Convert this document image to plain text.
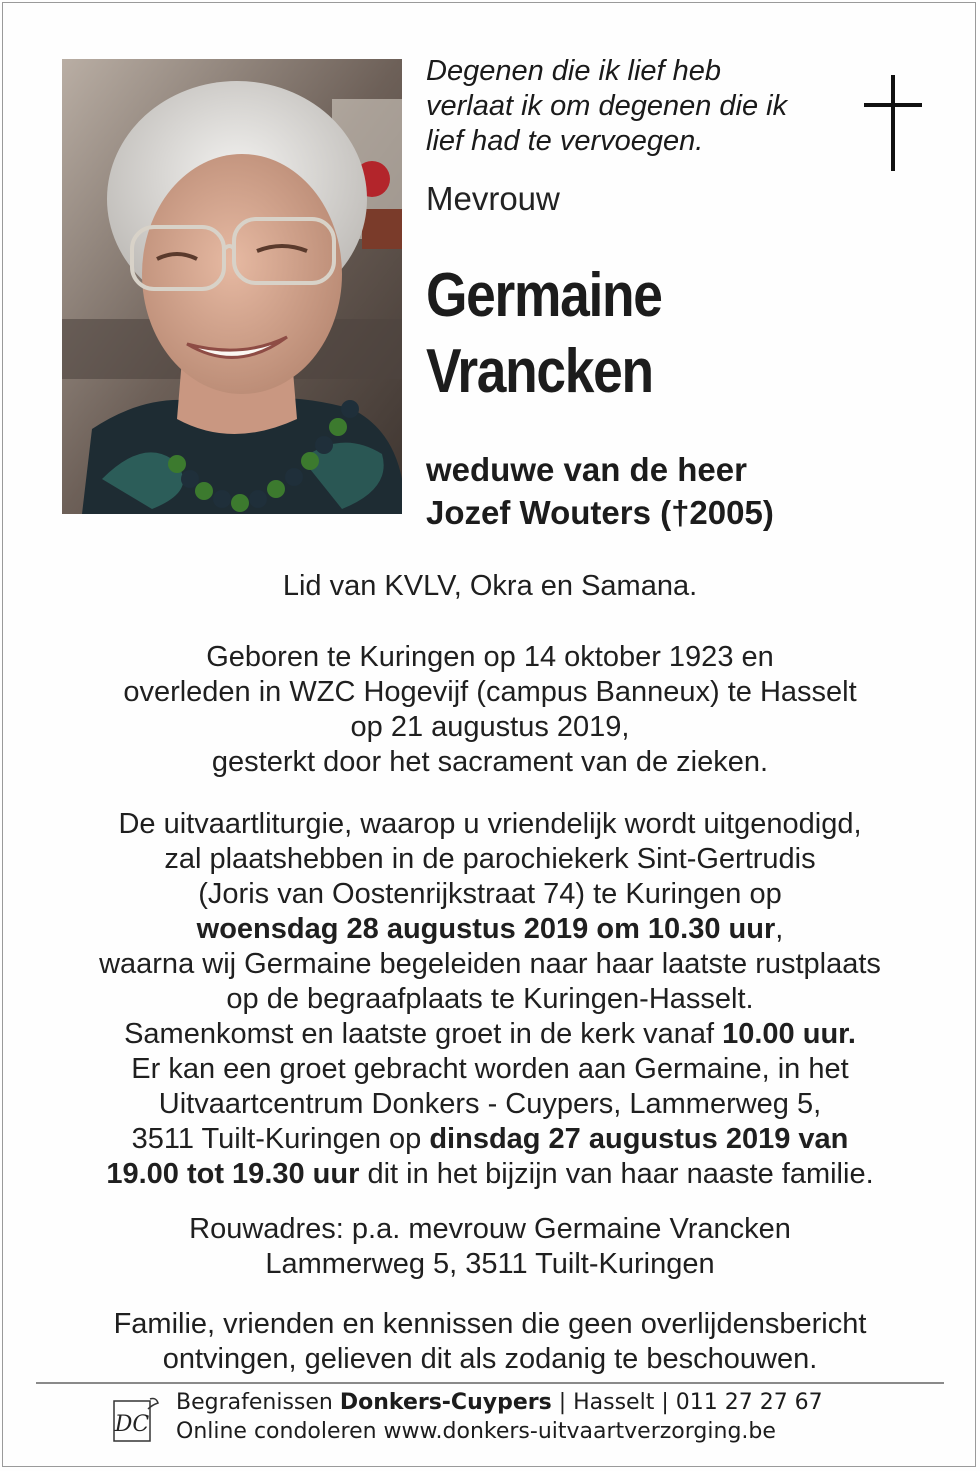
Degenen die ik lief heb
verlaat ik om degenen die ik
lief had te vervoegen.
Mevrouw
Germaine
Vrancken
weduwe van de heer
Jozef Wouters (†2005)
Lid van KVLV, Okra en Samana.
Geboren te Kuringen op 14 oktober 1923 en
overleden in WZC Hogevijf (campus Banneux) te Hasselt
op 21 augustus 2019,
gesterkt door het sacrament van de zieken.
De uitvaartliturgie, waarop u vriendelijk wordt uitgenodigd,
zal plaatshebben in de parochiekerk Sint-Gertrudis
(Joris van Oostenrijkstraat 74) te Kuringen op
woensdag 28 augustus 2019 om 10.30 uur,
waarna wij Germaine begeleiden naar haar laatste rustplaats
op de begraafplaats te Kuringen-Hasselt.
Samenkomst en laatste groet in de kerk vanaf 10.00 uur.
Er kan een groet gebracht worden aan Germaine, in het
Uitvaartcentrum Donkers - Cuypers, Lammerweg 5,
3511 Tuilt-Kuringen op dinsdag 27 augustus 2019 van
19.00 tot 19.30 uur dit in het bijzijn van haar naaste familie.
Rouwadres: p.a. mevrouw Germaine Vrancken
Lammerweg 5, 3511 Tuilt-Kuringen
Familie, vrienden en kennissen die geen overlijdensbericht
ontvingen, gelieven dit als zodanig te beschouwen.
DC
Begrafenissen Donkers-Cuypers | Hasselt | 011 27 27 67
Online condoleren www.donkers-uitvaartverzorging.be
